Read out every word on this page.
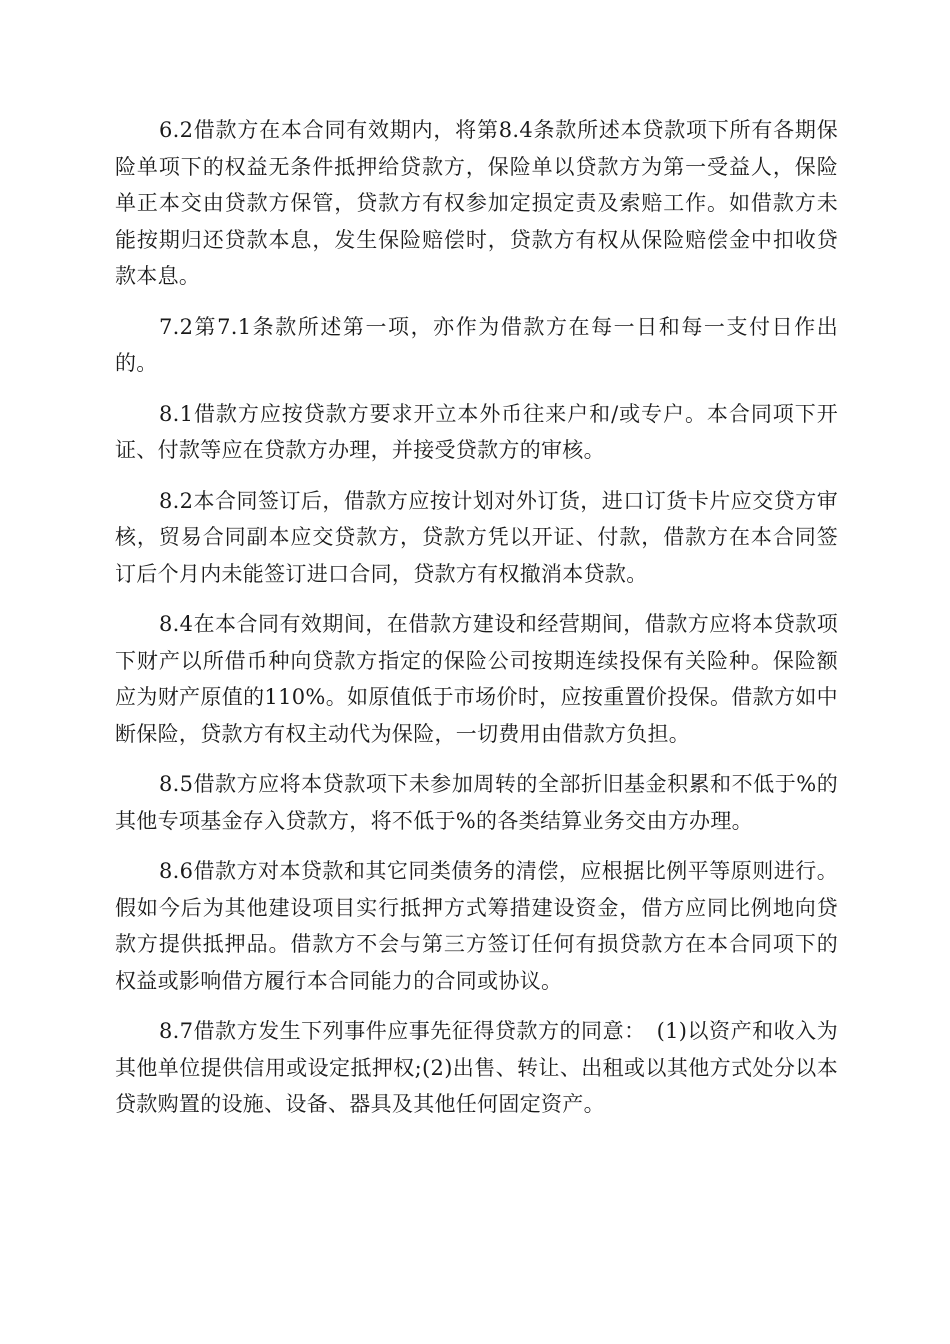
6.2借款方在本合同有效期内，将第8.4条款所述本贷款项下所有各期保险单项下的权益无条件抵押给贷款方，保险单以贷款方为第一受益人，保险单正本交由贷款方保管，贷款方有权参加定损定责及索赔工作。如借款方未能按期归还贷款本息，发生保险赔偿时，贷款方有权从保险赔偿金中扣收贷款本息。

7.2第7.1条款所述第一项，亦作为借款方在每一日和每一支付日作出的。

8.1借款方应按贷款方要求开立本外币往来户和/或专户。本合同项下开证、付款等应在贷款方办理，并接受贷款方的审核。

8.2本合同签订后，借款方应按计划对外订货，进口订货卡片应交贷方审核，贸易合同副本应交贷款方，贷款方凭以开证、付款，借款方在本合同签订后个月内未能签订进口合同，贷款方有权撤消本贷款。

8.4在本合同有效期间，在借款方建设和经营期间，借款方应将本贷款项下财产以所借币种向贷款方指定的保险公司按期连续投保有关险种。保险额应为财产原值的110%。如原值低于市场价时，应按重置价投保。借款方如中断保险，贷款方有权主动代为保险，一切费用由借款方负担。

8.5借款方应将本贷款项下未参加周转的全部折旧基金积累和不低于%的其他专项基金存入贷款方，将不低于%的各类结算业务交由方办理。

8.6借款方对本贷款和其它同类债务的清偿，应根据比例平等原则进行。假如今后为其他建设项目实行抵押方式筹措建设资金，借方应同比例地向贷款方提供抵押品。借款方不会与第三方签订任何有损贷款方在本合同项下的权益或影响借方履行本合同能力的合同或协议。

8.7借款方发生下列事件应事先征得贷款方的同意：　(1)以资产和收入为其他单位提供信用或设定抵押权;(2)出售、转让、出租或以其他方式处分以本贷款购置的设施、设备、器具及其他任何固定资产。
